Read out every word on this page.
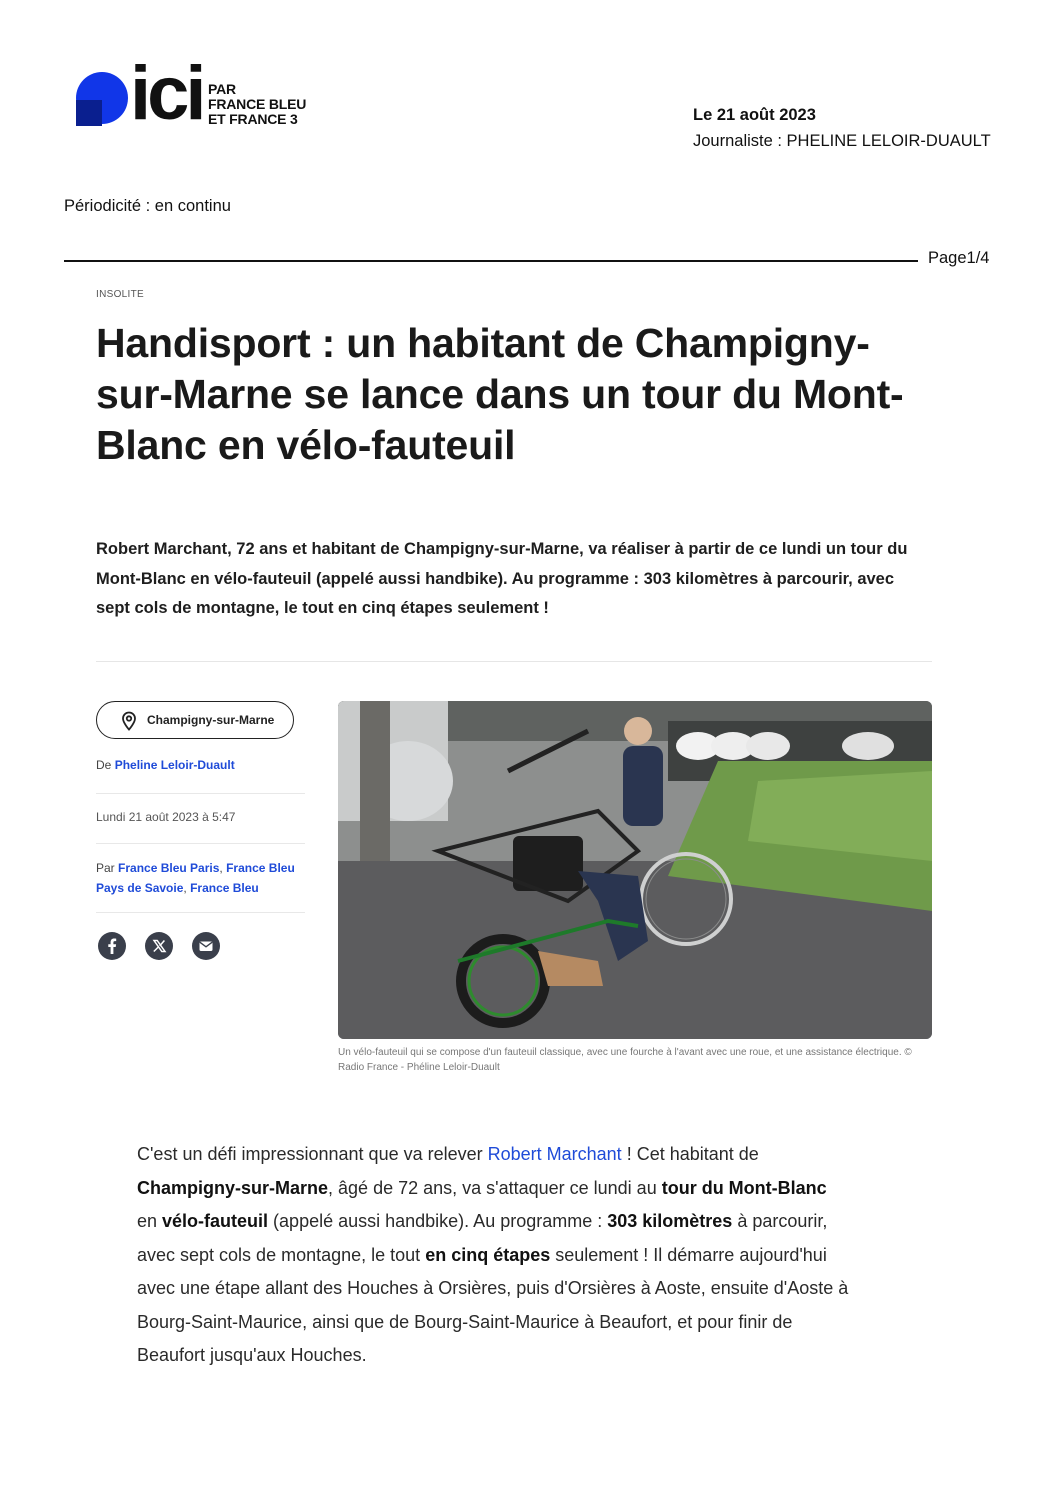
ici PAR
FRANCE BLEU
ET FRANCE 3	Le 21 août 2023
Journaliste : PHELINE LELOIR-DUAULT
Périodicité : en continu
Page1/4
INSOLITE
Handisport : un habitant de Champigny-sur-Marne se lance dans un tour du Mont-Blanc en vélo-fauteuil
Robert Marchant, 72 ans et habitant de Champigny-sur-Marne, va réaliser à partir de ce lundi un tour du Mont-Blanc en vélo-fauteuil (appelé aussi handbike). Au programme : 303 kilomètres à parcourir, avec sept cols de montagne, le tout en cinq étapes seulement !
Champigny-sur-Marne
De Pheline Leloir-Duault
Lundi 21 août 2023 à 5:47
Par France Bleu Paris, France Bleu Pays de Savoie, France Bleu
Un vélo-fauteuil qui se compose d'un fauteuil classique, avec une fourche à l'avant avec une roue, et une assistance électrique. © Radio France - Phéline Leloir-Duault
C'est un défi impressionnant que va relever Robert Marchant ! Cet habitant de Champigny-sur-Marne, âgé de 72 ans, va s'attaquer ce lundi au tour du Mont-Blanc en vélo-fauteuil (appelé aussi handbike). Au programme : 303 kilomètres à parcourir, avec sept cols de montagne, le tout en cinq étapes seulement ! Il démarre aujourd'hui avec une étape allant des Houches à Orsières, puis d'Orsières à Aoste, ensuite d'Aoste à Bourg-Saint-Maurice, ainsi que de Bourg-Saint-Maurice à Beaufort, et pour finir de Beaufort jusqu'aux Houches.
